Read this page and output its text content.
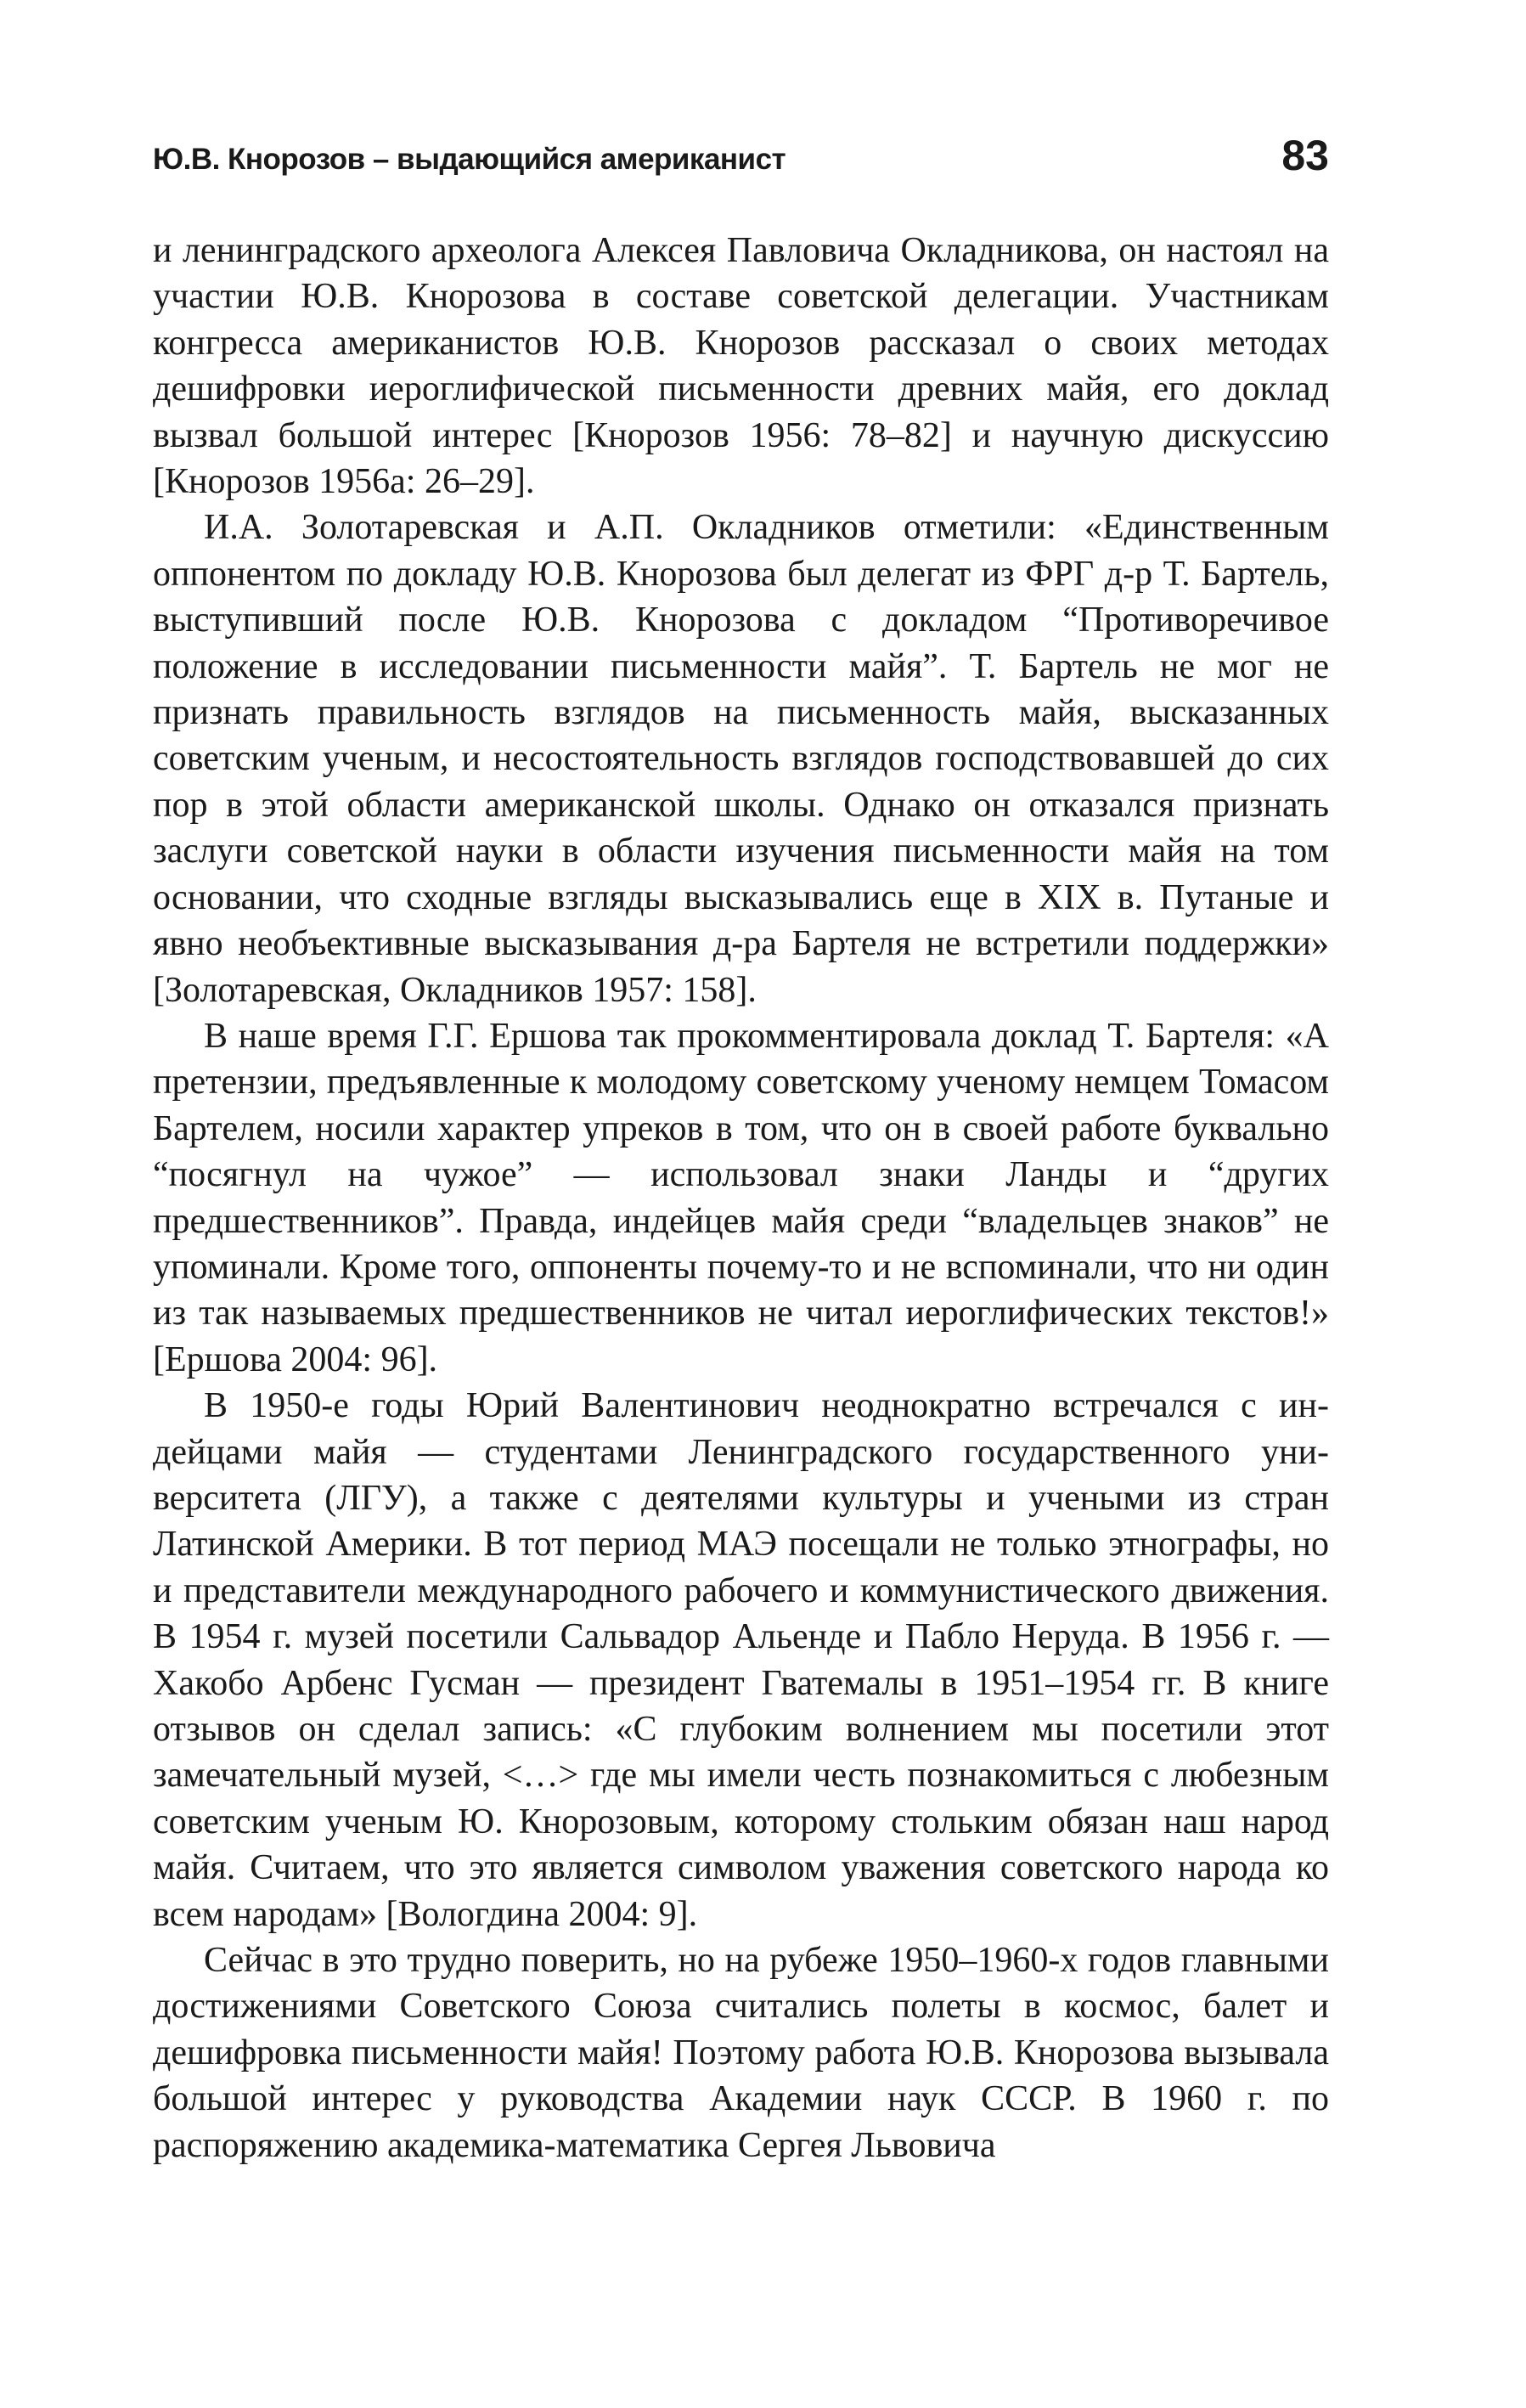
Ю.В. Кнорозов – выдающийся американист	83

и ленинградского археолога Алексея Павловича Окладникова, он настоял на участии Ю.В. Кнорозова в составе советской делегации. Участникам конгресса американистов Ю.В. Кнорозов рассказал о своих методах дешифровки иероглифической письменности древних майя, его доклад вызвал большой интерес [Кнорозов 1956: 78–82] и научную дискуссию [Кнорозов 1956а: 26–29].

И.А. Золотаревская и А.П. Окладников отметили: «Единственным оппонентом по докладу Ю.В. Кнорозова был делегат из ФРГ д-р Т. Бартель, выступивший после Ю.В. Кнорозова с докладом “Противоречивое положение в исследовании письменности майя”. Т. Бартель не мог не признать правильность взглядов на письменность майя, высказанных советским ученым, и несостоятельность взглядов господствовавшей до сих пор в этой области американской школы. Однако он отказался признать заслуги советской науки в области изучения письменности майя на том основании, что сходные взгляды высказывались еще в XIX в. Путаные и явно необъективные высказывания д-ра Бартеля не встретили поддержки» [Золотаревская, Окладников 1957: 158].

В наше время Г.Г. Ершова так прокомментировала доклад Т. Бартеля: «А претензии, предъявленные к молодому советскому ученому немцем Томасом Бартелем, носили характер упреков в том, что он в своей работе буквально “посягнул на чужое” — использовал знаки Ланды и “других предшественников”. Правда, индейцев майя среди “владельцев знаков” не упоминали. Кроме того, оппоненты почему-то и не вспоминали, что ни один из так называемых предшественников не читал иероглифических текстов!» [Ершова 2004: 96].

В 1950-е годы Юрий Валентинович неоднократно встречался с индейцами майя — студентами Ленинградского государственного университета (ЛГУ), а также с деятелями культуры и учеными из стран Латинской Америки. В тот период МАЭ посещали не только этнографы, но и представители международного рабочего и коммунистического движения. В 1954 г. музей посетили Сальвадор Альенде и Пабло Неруда. В 1956 г. — Хакобо Арбенс Гусман — президент Гватемалы в 1951–1954 гг. В книге отзывов он сделал запись: «С глубоким волнением мы посетили этот замечательный музей, <…> где мы имели честь познакомиться с любезным советским ученым Ю. Кнорозовым, которому стольким обязан наш народ майя. Считаем, что это является символом уважения советского народа ко всем народам» [Вологдина 2004: 9].

Сейчас в это трудно поверить, но на рубеже 1950–1960-х годов главными достижениями Советского Союза считались полеты в космос, балет и дешифровка письменности майя! Поэтому работа Ю.В. Кнорозова вызывала большой интерес у руководства Академии наук СССР. В 1960 г. по распоряжению академика-математика Сергея Львовича
